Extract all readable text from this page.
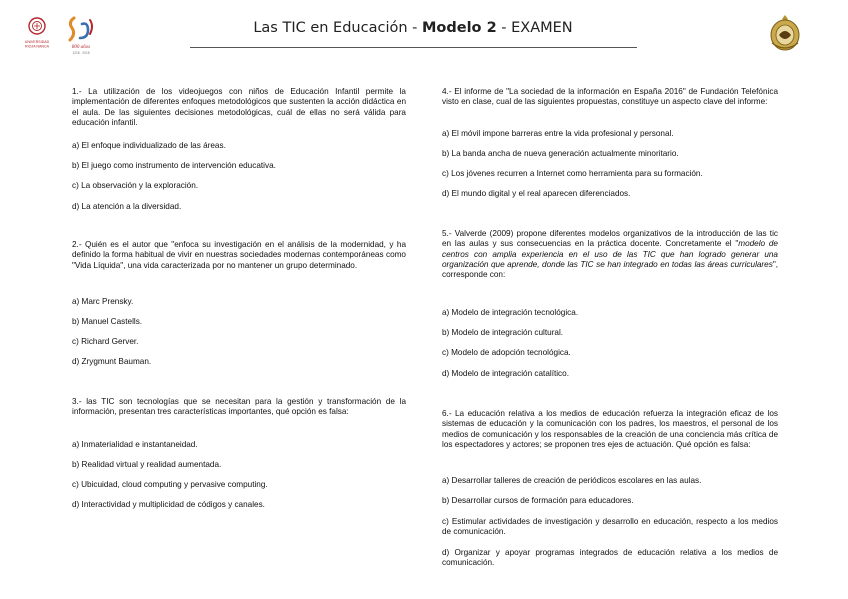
UNIVERSIDAD
RIOJA NANCA	800 años
1218 · 2018
Las TIC en Educación - Modelo 2 - EXAMEN

1.- La utilización de los videojuegos con niños de Educación Infantil permite la implementación de diferentes enfoques metodológicos que sustenten la acción didáctica en el aula. De las siguientes decisiones metodológicas, cuál de ellas no será válida para educación infantil.

a) El enfoque individualizado de las áreas.

b) El juego como instrumento de intervención educativa.

c) La observación y la exploración.

d) La atención a la diversidad.

2.- Quién es el autor que "enfoca su investigación en el análisis de la modernidad, y ha definido la forma habitual de vivir en nuestras sociedades modernas contemporáneas como "Vida Líquida", una vida caracterizada por no mantener un grupo determinado.

a) Marc Prensky.

b) Manuel Castells.

c) Richard Gerver.

d) Zrygmunt Bauman.

3.- las TIC son tecnologías que se necesitan para la gestión y transformación de la información, presentan tres características importantes, qué opción es falsa:

a) Inmaterialidad e instantaneidad.

b) Realidad virtual y realidad aumentada.

c) Ubicuidad, cloud computing y pervasive computing.

d) Interactividad y multiplicidad de códigos y canales.

4.- El informe de "La sociedad de la información en España 2016" de Fundación Telefónica visto en clase, cual de las siguientes propuestas, constituye un aspecto clave del informe:

a) El móvil impone barreras entre la vida profesional y personal.

b) La banda ancha de nueva generación actualmente minoritario.

c) Los jóvenes recurren a Internet como herramienta para su formación.

d) El mundo digital y el real aparecen diferenciados.

5.- Valverde (2009) propone diferentes modelos organizativos de la introducción de las tic en las aulas y sus consecuencias en la práctica docente. Concretamente el "modelo de centros con amplia experiencia en el uso de las TIC que han logrado generar una organización que aprende, donde las TIC se han integrado en todas las áreas curriculares", corresponde con:

a) Modelo de integración tecnológica.

b) Modelo de integración cultural.

c) Modelo de adopción tecnológica.

d) Modelo de integración catalítico.

6.- La educación relativa a los medios de educación refuerza la integración eficaz de los sistemas de educación y la comunicación con los padres, los maestros, el personal de los medios de comunicación y los responsables de la creación de una conciencia más crítica de los espectadores y actores; se proponen tres ejes de actuación. Qué opción es falsa:

a) Desarrollar talleres de creación de periódicos escolares en las aulas.

b) Desarrollar cursos de formación para educadores.

c) Estimular actividades de investigación y desarrollo en educación, respecto a los medios de comunicación.

d) Organizar y apoyar programas integrados de educación relativa a los medios de comunicación.
